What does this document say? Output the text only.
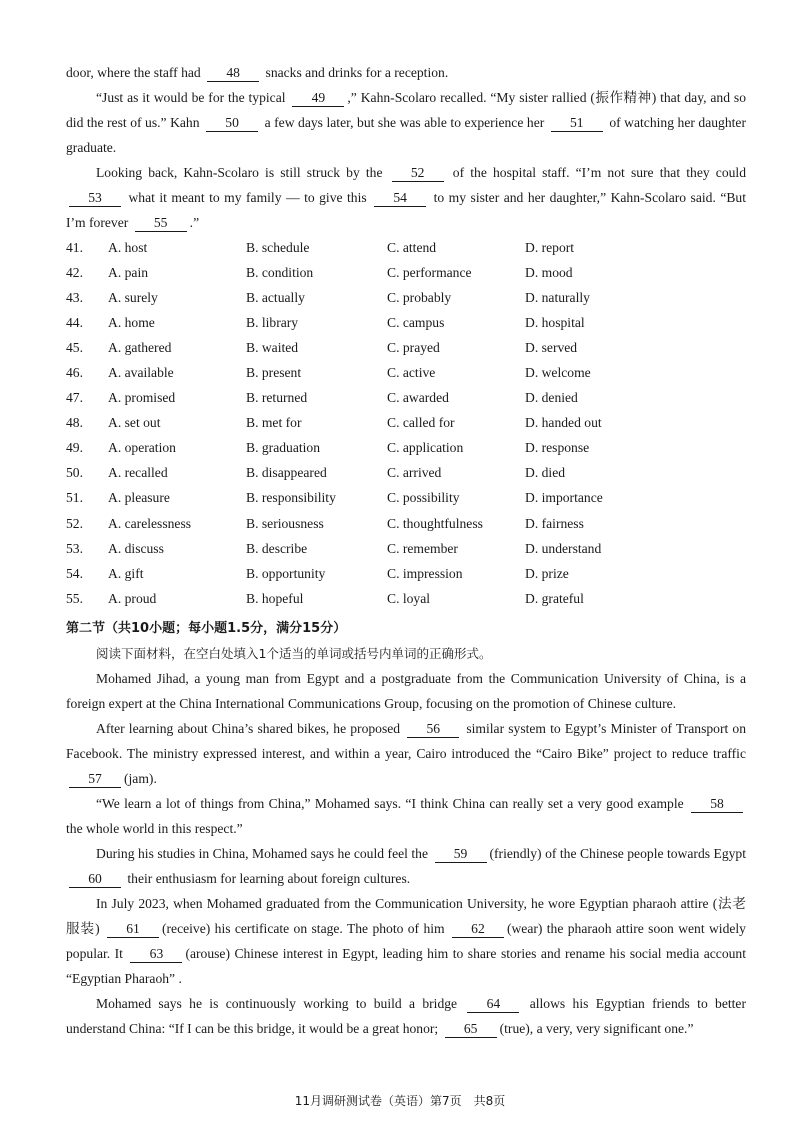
door, where the staff had 48 snacks and drinks for a reception.

“Just as it would be for the typical 49 ,” Kahn-Scolaro recalled. “My sister rallied (振作精神) that day, and so did the rest of us.” Kahn 50 a few days later, but she was able to experience her 51 of watching her daughter graduate.

Looking back, Kahn-Scolaro is still struck by the 52 of the hospital staff. “I’m not sure that they could 53 what it meant to my family — to give this 54 to my sister and her daughter,” Kahn-Scolaro said. “But I’m forever 55 .”

41.	A. host	B. schedule	C. attend	D. report
42.	A. pain	B. condition	C. performance	D. mood
43.	A. surely	B. actually	C. probably	D. naturally
44.	A. home	B. library	C. campus	D. hospital
45.	A. gathered	B. waited	C. prayed	D. served
46.	A. available	B. present	C. active	D. welcome
47.	A. promised	B. returned	C. awarded	D. denied
48.	A. set out	B. met for	C. called for	D. handed out
49.	A. operation	B. graduation	C. application	D. response
50.	A. recalled	B. disappeared	C. arrived	D. died
51.	A. pleasure	B. responsibility	C. possibility	D. importance
52.	A. carelessness	B. seriousness	C. thoughtfulness	D. fairness
53.	A. discuss	B. describe	C. remember	D. understand
54.	A. gift	B. opportunity	C. impression	D. prize
55.	A. proud	B. hopeful	C. loyal	D. grateful
第二节（共10小题；每小题1.5分，满分15分）

阅读下面材料，在空白处填入1个适当的单词或括号内单词的正确形式。

Mohamed Jihad, a young man from Egypt and a postgraduate from the Communication University of China, is a foreign expert at the China International Communications Group, focusing on the promotion of Chinese culture.

After learning about China’s shared bikes, he proposed 56 similar system to Egypt’s Minister of Transport on Facebook. The ministry expressed interest, and within a year, Cairo introduced the “Cairo Bike” project to reduce traffic 57 (jam).

“We learn a lot of things from China,” Mohamed says. “I think China can really set a very good example 58 the whole world in this respect.”

During his studies in China, Mohamed says he could feel the 59 (friendly) of the Chinese people towards Egypt 60 their enthusiasm for learning about foreign cultures.

In July 2023, when Mohamed graduated from the Communication University, he wore Egyptian pharaoh attire (法老服装) 61 (receive) his certificate on stage. The photo of him 62 (wear) the pharaoh attire soon went widely popular. It 63 (arouse) Chinese interest in Egypt, leading him to share stories and rename his social media account “Egyptian Pharaoh” .

Mohamed says he is continuously working to build a bridge 64 allows his Egyptian friends to better understand China: “If I can be this bridge, it would be a great honor; 65 (true), a very, very significant one.”

11月调研测试卷（英语）第7页　共8页
